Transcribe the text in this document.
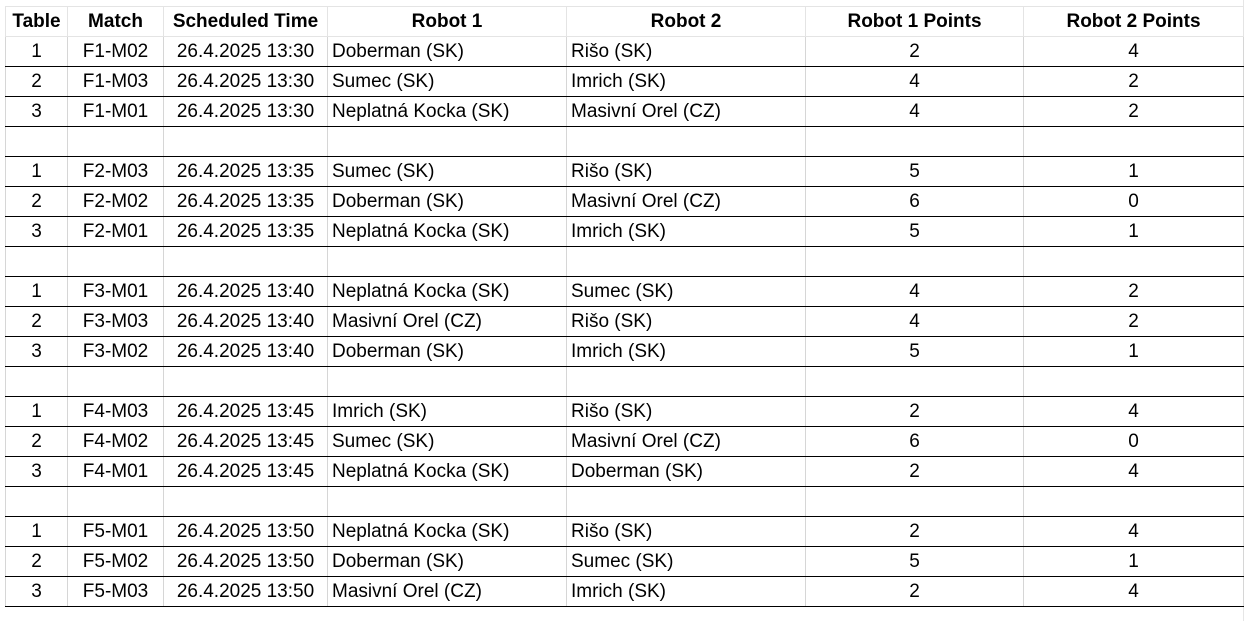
Table	Match	Scheduled Time	Robot 1	Robot 2	Robot 1 Points	Robot 2 Points
1	F1-M02	26.4.2025 13:30	Doberman (SK)	Rišo (SK)	2	4
2	F1-M03	26.4.2025 13:30	Sumec (SK)	Imrich (SK)	4	2
3	F1-M01	26.4.2025 13:30	Neplatná Kocka (SK)	Masivní Orel (CZ)	4	2

1	F2-M03	26.4.2025 13:35	Sumec (SK)	Rišo (SK)	5	1
2	F2-M02	26.4.2025 13:35	Doberman (SK)	Masivní Orel (CZ)	6	0
3	F2-M01	26.4.2025 13:35	Neplatná Kocka (SK)	Imrich (SK)	5	1

1	F3-M01	26.4.2025 13:40	Neplatná Kocka (SK)	Sumec (SK)	4	2
2	F3-M03	26.4.2025 13:40	Masivní Orel (CZ)	Rišo (SK)	4	2
3	F3-M02	26.4.2025 13:40	Doberman (SK)	Imrich (SK)	5	1

1	F4-M03	26.4.2025 13:45	Imrich (SK)	Rišo (SK)	2	4
2	F4-M02	26.4.2025 13:45	Sumec (SK)	Masivní Orel (CZ)	6	0
3	F4-M01	26.4.2025 13:45	Neplatná Kocka (SK)	Doberman (SK)	2	4

1	F5-M01	26.4.2025 13:50	Neplatná Kocka (SK)	Rišo (SK)	2	4
2	F5-M02	26.4.2025 13:50	Doberman (SK)	Sumec (SK)	5	1
3	F5-M03	26.4.2025 13:50	Masivní Orel (CZ)	Imrich (SK)	2	4
